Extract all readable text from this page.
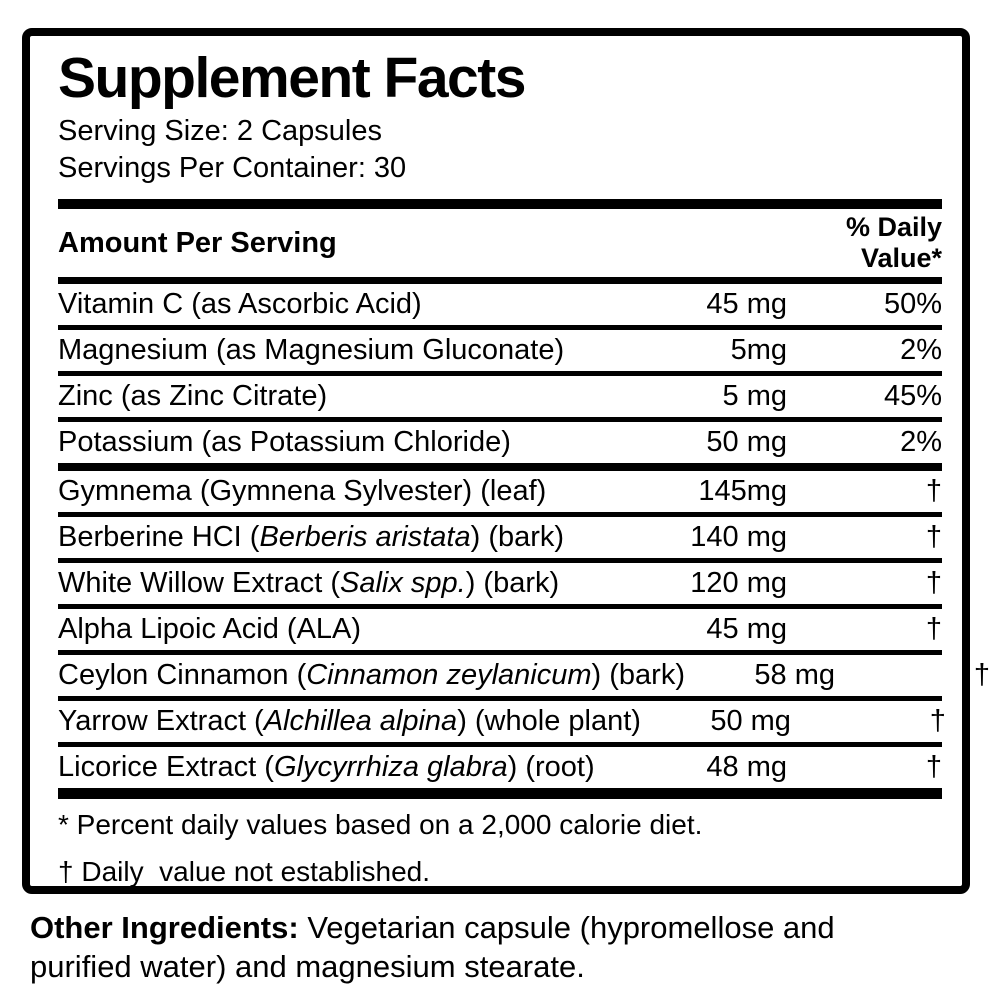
Supplement Facts
Serving Size: 2 Capsules
Servings Per Container: 30
Amount Per Serving	% Daily
Value*
Vitamin C (as Ascorbic Acid)	45 mg	50%
Magnesium (as Magnesium Gluconate)	5mg	2%
Zinc (as Zinc Citrate)	5 mg	45%
Potassium (as Potassium Chloride)	50 mg	2%
Gymnema (Gymnena Sylvester) (leaf)	145mg	†
Berberine HCI (Berberis aristata) (bark)	140 mg	†
White Willow Extract (Salix spp.) (bark)	120 mg	†
Alpha Lipoic Acid (ALA)	45 mg	†
Ceylon Cinnamon (Cinnamon zeylanicum) (bark)	58 mg	†
Yarrow Extract (Alchillea alpina) (whole plant)	50 mg	†
Licorice Extract (Glycyrrhiza glabra) (root)	48 mg	†
* Percent daily values based on a 2,000 calorie diet.
† Daily  value not established.
Other Ingredients: Vegetarian capsule (hypromellose and purified water) and magnesium stearate.
